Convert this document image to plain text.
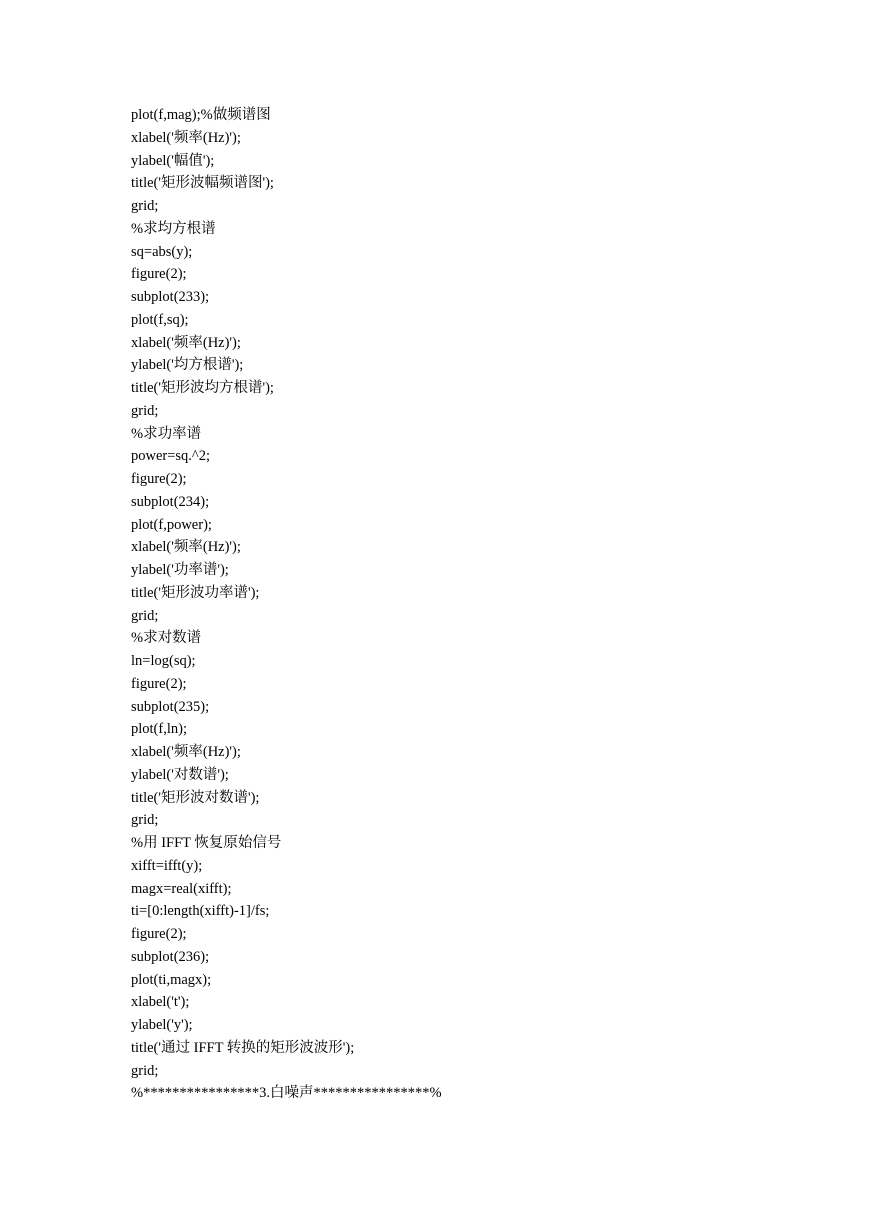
plot(f,mag);%做频谱图
xlabel('频率(Hz)');
ylabel('幅值');
title('矩形波幅频谱图');
grid;
%求均方根谱
sq=abs(y);
figure(2);
subplot(233);
plot(f,sq);
xlabel('频率(Hz)');
ylabel('均方根谱');
title('矩形波均方根谱');
grid;
%求功率谱
power=sq.^2;
figure(2);
subplot(234);
plot(f,power);
xlabel('频率(Hz)');
ylabel('功率谱');
title('矩形波功率谱');
grid;
%求对数谱
ln=log(sq);
figure(2);
subplot(235);
plot(f,ln);
xlabel('频率(Hz)');
ylabel('对数谱');
title('矩形波对数谱');
grid;
%用 IFFT 恢复原始信号
xifft=ifft(y);
magx=real(xifft);
ti=[0:length(xifft)-1]/fs;
figure(2);
subplot(236);
plot(ti,magx);
xlabel('t');
ylabel('y');
title('通过 IFFT 转换的矩形波波形');
grid;
%****************3.白噪声****************%
